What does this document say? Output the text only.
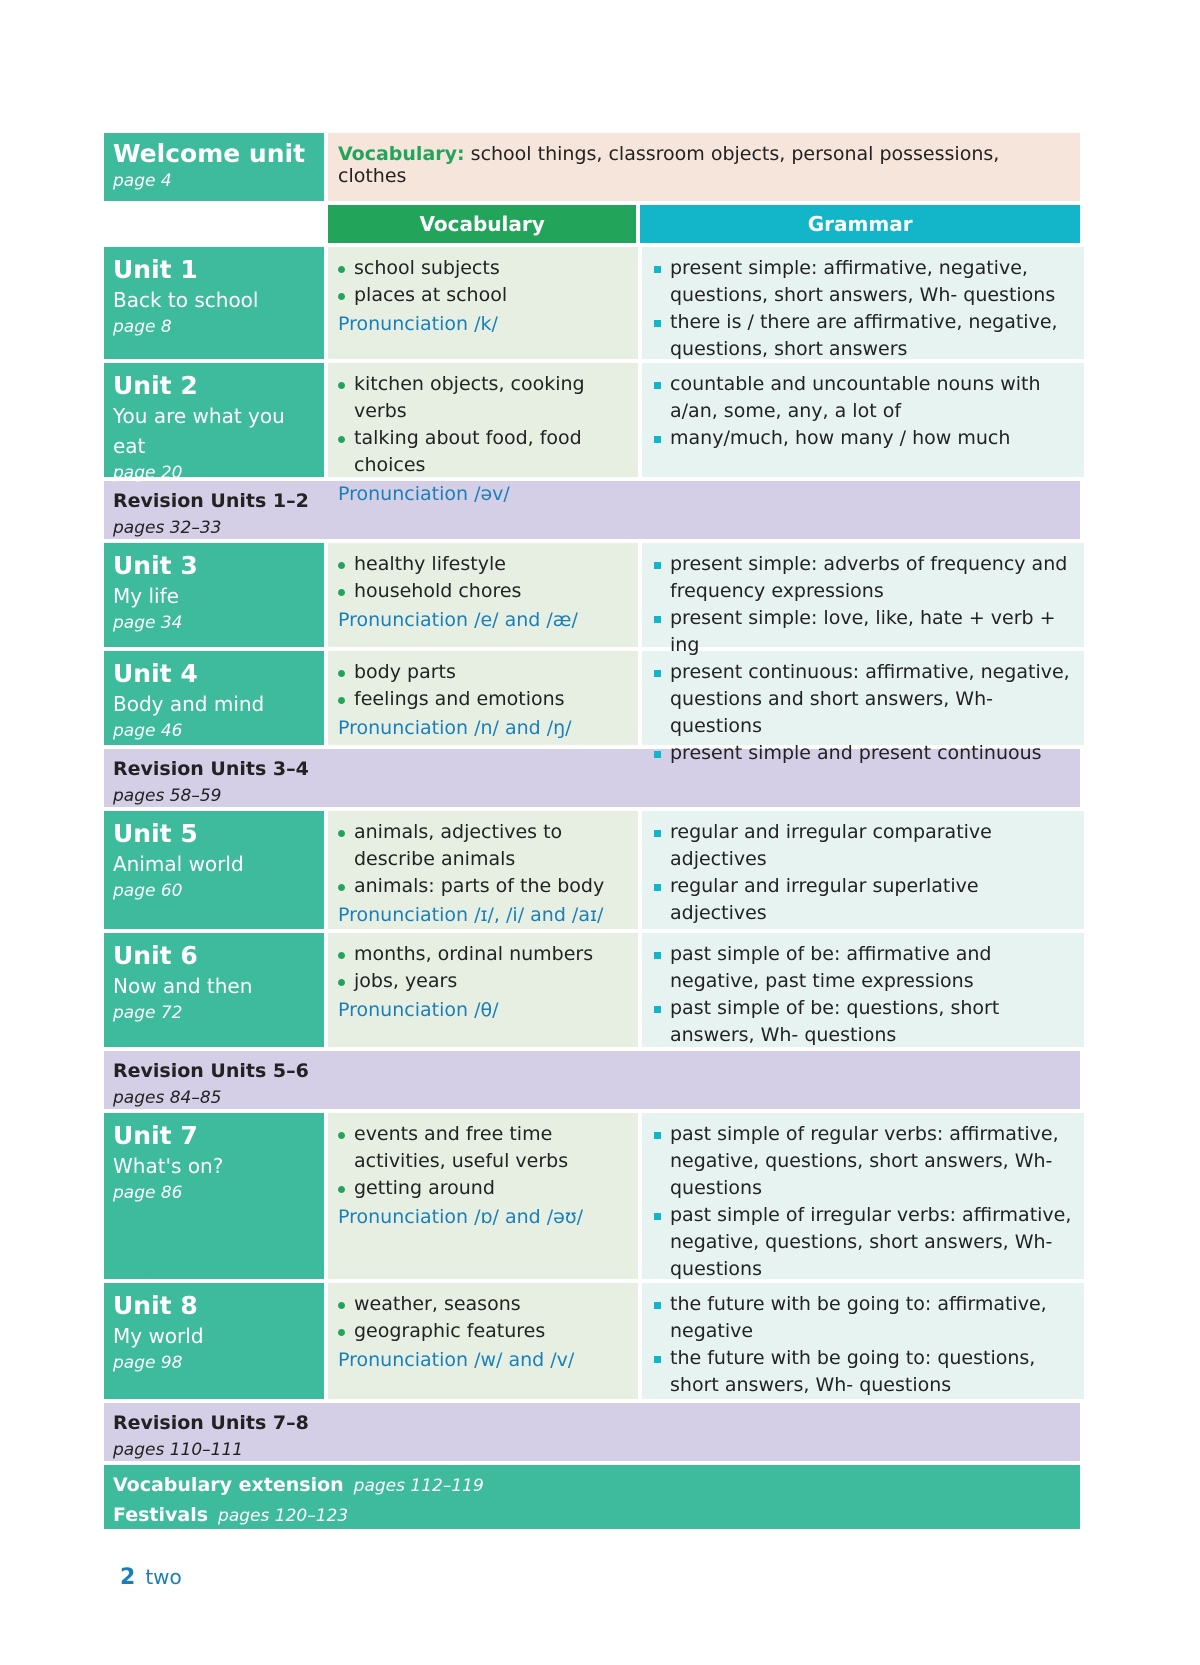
Welcome unit
page 4
Vocabulary: school things, classroom objects, personal possessions, clothes
Vocabulary	Grammar
Unit 1
Back to school
page 8
school subjects
places at school
Pronunciation /k/
present simple: affirmative, negative, questions, short answers, Wh- questions
there is / there are affirmative, negative, questions, short answers
Unit 2
You are what you eat
page 20
kitchen objects, cooking verbs
talking about food, food choices
Pronunciation /əv/
countable and uncountable nouns with a/an, some, any, a lot of
many/much, how many / how much
Revision Units 1–2
pages 32–33
Unit 3
My life
page 34
healthy lifestyle
household chores
Pronunciation /e/ and /æ/
present simple: adverbs of frequency and frequency expressions
present simple: love, like, hate + verb + ing
Unit 4
Body and mind
page 46
body parts
feelings and emotions
Pronunciation /n/ and /ŋ/
present continuous: affirmative, negative, questions and short answers, Wh- questions
present simple and present continuous
Revision Units 3–4
pages 58–59
Unit 5
Animal world
page 60
animals, adjectives to describe animals
animals: parts of the body
Pronunciation /ɪ/, /i/ and /aɪ/
regular and irregular comparative adjectives
regular and irregular superlative adjectives
Unit 6
Now and then
page 72
months, ordinal numbers
jobs, years
Pronunciation /θ/
past simple of be: affirmative and negative, past time expressions
past simple of be: questions, short answers, Wh- questions
Revision Units 5–6
pages 84–85
Unit 7
What's on?
page 86
events and free time activities, useful verbs
getting around
Pronunciation /ɒ/ and /əʊ/
past simple of regular verbs: affirmative, negative, questions, short answers, Wh- questions
past simple of irregular verbs: affirmative, negative, questions, short answers, Wh- questions
Unit 8
My world
page 98
weather, seasons
geographic features
Pronunciation /w/ and /v/
the future with be going to: affirmative, negative
the future with be going to: questions, short answers, Wh- questions
Revision Units 7–8
pages 110–111
Vocabulary extension pages 112–119
Festivals pages 120–123
2 two
